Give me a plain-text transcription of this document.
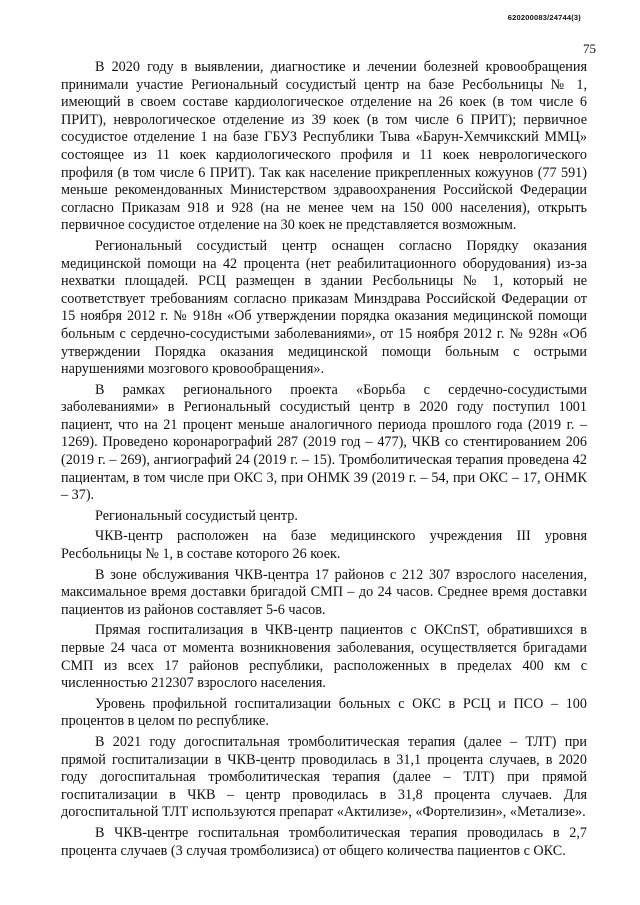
620200083/24744(3)
75

В 2020 году в выявлении, диагностике и лечении болезней кровообращения принимали участие Региональный сосудистый центр на базе Ресбольницы № 1, имеющий в своем составе кардиологическое отделение на 26 коек (в том числе 6 ПРИТ), неврологическое отделение из 39 коек (в том числе 6 ПРИТ); первичное сосудистое отделение 1 на базе ГБУЗ Республики Тыва «Барун-Хемчикский ММЦ» состоящее из 11 коек кардиологического профиля и 11 коек неврологического профиля (в том числе 6 ПРИТ). Так как население прикрепленных кожуунов (77 591) меньше рекомендованных Министерством здравоохранения Российской Федерации согласно Приказам 918 и 928 (на не менее чем на 150 000 населения), открыть первичное сосудистое отделение на 30 коек не представляется возможным.

Региональный сосудистый центр оснащен согласно Порядку оказания медицинской помощи на 42 процента (нет реабилитационного оборудования) из-за нехватки площадей. РСЦ размещен в здании Ресбольницы № 1, который не соответствует требованиям согласно приказам Минздрава Российской Федерации от 15 ноября 2012 г. № 918н «Об утверждении порядка оказания медицинской помощи больным с сердечно-сосудистыми заболеваниями», от 15 ноября 2012 г. № 928н «Об утверждении Порядка оказания медицинской помощи больным с острыми нарушениями мозгового кровообращения».

В рамках регионального проекта «Борьба с сердечно-сосудистыми заболеваниями» в Региональный сосудистый центр в 2020 году поступил 1001 пациент, что на 21 процент меньше аналогичного периода прошлого года (2019 г. – 1269). Проведено коронарографий 287 (2019 год – 477), ЧКВ со стентированием 206 (2019 г. – 269), ангиографий 24 (2019 г. – 15). Тромболитическая терапия проведена 42 пациентам, в том числе при ОКС 3, при ОНМК 39 (2019 г. – 54, при ОКС – 17, ОНМК – 37).

Региональный сосудистый центр.

ЧКВ-центр расположен на базе медицинского учреждения III уровня Ресбольницы № 1, в составе которого 26 коек.

В зоне обслуживания ЧКВ-центра 17 районов с 212 307 взрослого населения, максимальное время доставки бригадой СМП – до 24 часов. Среднее время доставки пациентов из районов составляет 5-6 часов.

Прямая госпитализация в ЧКВ-центр пациентов с ОКСпST, обратившихся в первые 24 часа от момента возникновения заболевания, осуществляется бригадами СМП из всех 17 районов республики, расположенных в пределах 400 км с численностью 212307 взрослого населения.

Уровень профильной госпитализации больных с ОКС в РСЦ и ПСО – 100 процентов в целом по республике.

В 2021 году догоспитальная тромболитическая терапия (далее – ТЛТ) при прямой госпитализации в ЧКВ-центр проводилась в 31,1 процента случаев, в 2020 году догоспитальная тромболитическая терапия (далее – ТЛТ) при прямой госпитализации в ЧКВ – центр проводилась в 31,8 процента случаев. Для догоспитальной ТЛТ используются препарат «Актилизе», «Фортелизин», «Метализе».

В ЧКВ-центре госпитальная тромболитическая терапия проводилась в 2,7 процента случаев (3 случая тромболизиса) от общего количества пациентов с ОКС.
